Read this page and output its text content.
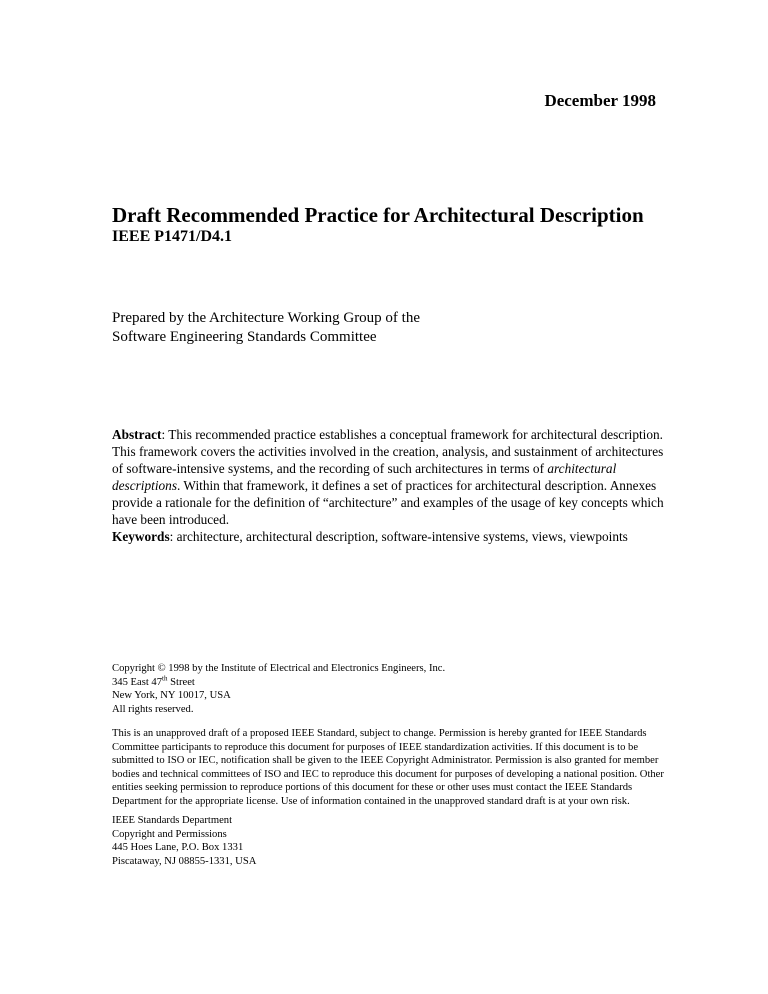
December 1998
Draft Recommended Practice for Architectural Description
IEEE P1471/D4.1
Prepared by the Architecture Working Group of the
Software Engineering Standards Committee

Abstract: This recommended practice establishes a conceptual framework for architectural description. This framework covers the activities involved in the creation, analysis, and sustainment of architectures of software-intensive systems, and the recording of such architectures in terms of architectural descriptions. Within that framework, it defines a set of practices for architectural description. Annexes provide a rationale for the definition of “architecture” and examples of the usage of key concepts which have been introduced.

Keywords: architecture, architectural description, software-intensive systems, views, viewpoints

Copyright © 1998 by the Institute of Electrical and Electronics Engineers, Inc.
345 East 47th Street
New York, NY 10017, USA
All rights reserved.

This is an unapproved draft of a proposed IEEE Standard, subject to change. Permission is hereby granted for IEEE Standards Committee participants to reproduce this document for purposes of IEEE standardization activities. If this document is to be submitted to ISO or IEC, notification shall be given to the IEEE Copyright Administrator. Permission is also granted for member bodies and technical committees of ISO and IEC to reproduce this document for purposes of developing a national position. Other entities seeking permission to reproduce portions of this document for these or other uses must contact the IEEE Standards Department for the appropriate license. Use of information contained in the unapproved standard draft is at your own risk.

IEEE Standards Department
Copyright and Permissions
445 Hoes Lane, P.O. Box 1331
Piscataway, NJ 08855-1331, USA
